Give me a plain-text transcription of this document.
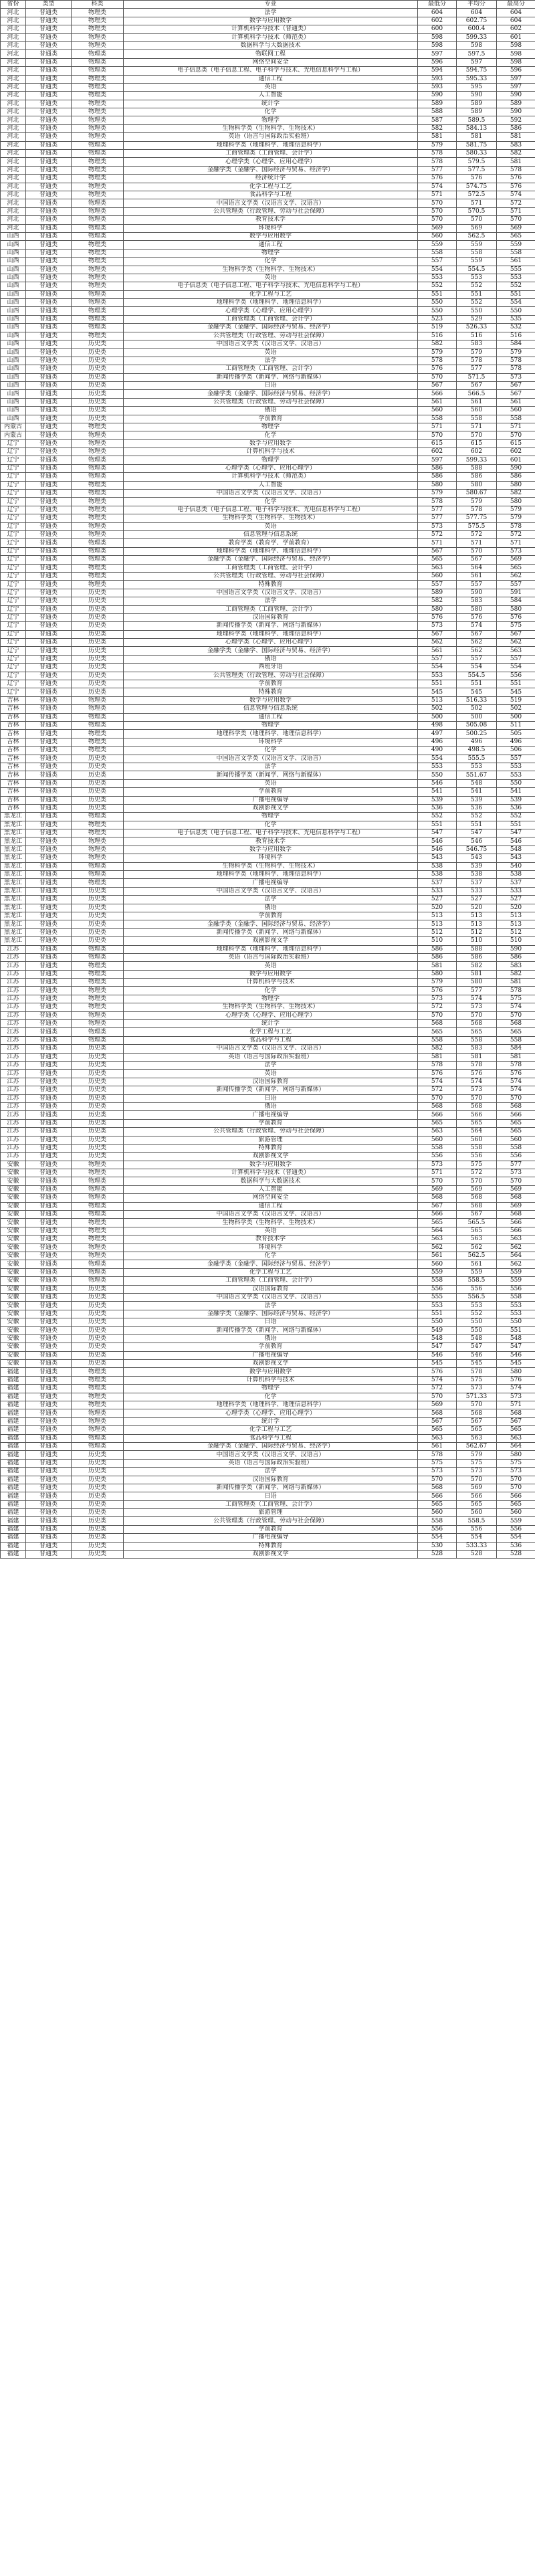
省份	类型	科类	专业	最低分	平均分	最高分
河北	普通类	物理类	法学	604	604	604
河北	普通类	物理类	数学与应用数学	602	602.75	604
河北	普通类	物理类	计算机科学与技术（普通类）	600	600.4	602
河北	普通类	物理类	计算机科学与技术（师范类）	598	599.33	601
河北	普通类	物理类	数据科学与大数据技术	598	598	598
河北	普通类	物理类	物联网工程	597	597.5	598
河北	普通类	物理类	网络空间安全	596	597	598
河北	普通类	物理类	电子信息类（电子信息工程、电子科学与技术、光电信息科学与工程）	594	594.75	596
河北	普通类	物理类	通信工程	593	595.33	597
河北	普通类	物理类	英语	593	595	597
河北	普通类	物理类	人工智能	590	590	590
河北	普通类	物理类	统计学	589	589	589
河北	普通类	物理类	化学	588	589	590
河北	普通类	物理类	物理学	587	589.5	592
河北	普通类	物理类	生物科学类（生物科学、生物技术）	582	584.13	586
河北	普通类	物理类	英语（语言与国际政治实验班）	581	581	581
河北	普通类	物理类	地理科学类（地理科学、地理信息科学）	579	581.75	583
河北	普通类	物理类	工商管理类（工商管理、会计学）	578	580.33	582
河北	普通类	物理类	心理学类（心理学、应用心理学）	578	579.5	581
河北	普通类	物理类	金融学类（金融学、国际经济与贸易、经济学）	577	577.5	578
河北	普通类	物理类	经济统计学	576	576	576
河北	普通类	物理类	化学工程与工艺	574	574.75	576
河北	普通类	物理类	食品科学与工程	571	572.5	574
河北	普通类	物理类	中国语言文学类（汉语言文学、汉语言）	570	571	572
河北	普通类	物理类	公共管理类（行政管理、劳动与社会保障）	570	570.5	571
河北	普通类	物理类	教育技术学	570	570	570
河北	普通类	物理类	环境科学	569	569	569
山西	普通类	物理类	数学与应用数学	560	562.5	565
山西	普通类	物理类	通信工程	559	559	559
山西	普通类	物理类	物理学	558	558	558
山西	普通类	物理类	化学	557	559	561
山西	普通类	物理类	生物科学类（生物科学、生物技术）	554	554.5	555
山西	普通类	物理类	英语	553	553	553
山西	普通类	物理类	电子信息类（电子信息工程、电子科学与技术、光电信息科学与工程）	552	552	552
山西	普通类	物理类	化学工程与工艺	551	551	551
山西	普通类	物理类	地理科学类（地理科学、地理信息科学）	550	552	554
山西	普通类	物理类	心理学类（心理学、应用心理学）	550	550	550
山西	普通类	物理类	工商管理类（工商管理、会计学）	523	529	535
山西	普通类	物理类	金融学类（金融学、国际经济与贸易、经济学）	519	526.33	532
山西	普通类	物理类	公共管理类（行政管理、劳动与社会保障）	516	516	516
山西	普通类	历史类	中国语言文学类（汉语言文学、汉语言）	582	583	584
山西	普通类	历史类	英语	579	579	579
山西	普通类	历史类	法学	578	578	578
山西	普通类	历史类	工商管理类（工商管理、会计学）	576	577	578
山西	普通类	历史类	新闻传播学类（新闻学、网络与新媒体）	570	571.5	573
山西	普通类	历史类	日语	567	567	567
山西	普通类	历史类	金融学类（金融学、国际经济与贸易、经济学）	566	566.5	567
山西	普通类	历史类	公共管理类（行政管理、劳动与社会保障）	561	561	561
山西	普通类	历史类	俄语	560	560	560
山西	普通类	历史类	学前教育	558	558	558
内蒙古	普通类	物理类	物理学	571	571	571
内蒙古	普通类	物理类	化学	570	570	570
辽宁	普通类	物理类	数学与应用数学	615	615	615
辽宁	普通类	物理类	计算机科学与技术	602	602	602
辽宁	普通类	物理类	物理学	597	599.33	601
辽宁	普通类	物理类	心理学类（心理学、应用心理学）	586	588	590
辽宁	普通类	物理类	计算机科学与技术（师范类）	586	586	586
辽宁	普通类	物理类	人工智能	580	580	580
辽宁	普通类	物理类	中国语言文学类（汉语言文学、汉语言）	579	580.67	582
辽宁	普通类	物理类	化学	578	579	580
辽宁	普通类	物理类	电子信息类（电子信息工程、电子科学与技术、光电信息科学与工程）	577	578	579
辽宁	普通类	物理类	生物科学类（生物科学、生物技术）	577	577.75	579
辽宁	普通类	物理类	英语	573	575.5	578
辽宁	普通类	物理类	信息管理与信息系统	572	572	572
辽宁	普通类	物理类	教育学类（教育学、学前教育）	571	571	571
辽宁	普通类	物理类	地理科学类（地理科学、地理信息科学）	567	570	573
辽宁	普通类	物理类	金融学类（金融学、国际经济与贸易、经济学）	565	567	569
辽宁	普通类	物理类	工商管理类（工商管理、会计学）	563	564	565
辽宁	普通类	物理类	公共管理类（行政管理、劳动与社会保障）	560	561	562
辽宁	普通类	物理类	特殊教育	557	557	557
辽宁	普通类	历史类	中国语言文学类（汉语言文学、汉语言）	589	590	591
辽宁	普通类	历史类	法学	582	583	584
辽宁	普通类	历史类	工商管理类（工商管理、会计学）	580	580	580
辽宁	普通类	历史类	汉语国际教育	576	576	576
辽宁	普通类	历史类	新闻传播学类（新闻学、网络与新媒体）	573	574	575
辽宁	普通类	历史类	地理科学类（地理科学、地理信息科学）	567	567	567
辽宁	普通类	历史类	心理学类（心理学、应用心理学）	562	562	562
辽宁	普通类	历史类	金融学类（金融学、国际经济与贸易、经济学）	561	562	563
辽宁	普通类	历史类	俄语	557	557	557
辽宁	普通类	历史类	西班牙语	554	554	554
辽宁	普通类	历史类	公共管理类（行政管理、劳动与社会保障）	553	554.5	556
辽宁	普通类	历史类	学前教育	551	551	551
辽宁	普通类	历史类	特殊教育	545	545	545
吉林	普通类	物理类	数学与应用数学	513	516.33	519
吉林	普通类	物理类	信息管理与信息系统	502	502	502
吉林	普通类	物理类	通信工程	500	500	500
吉林	普通类	物理类	物理学	498	505.08	511
吉林	普通类	物理类	地理科学类（地理科学、地理信息科学）	497	500.25	505
吉林	普通类	物理类	环境科学	496	496	496
吉林	普通类	物理类	化学	490	498.5	506
吉林	普通类	历史类	中国语言文学类（汉语言文学、汉语言）	554	555.5	557
吉林	普通类	历史类	法学	553	553	553
吉林	普通类	历史类	新闻传播学类（新闻学、网络与新媒体）	550	551.67	553
吉林	普通类	历史类	英语	546	548	550
吉林	普通类	历史类	学前教育	541	541	541
吉林	普通类	历史类	广播电视编导	539	539	539
吉林	普通类	历史类	戏剧影视文学	536	536	536
黑龙江	普通类	物理类	物理学	552	552	552
黑龙江	普通类	物理类	化学	551	551	551
黑龙江	普通类	物理类	电子信息类（电子信息工程、电子科学与技术、光电信息科学与工程）	547	547	547
黑龙江	普通类	物理类	教育技术学	546	546	546
黑龙江	普通类	物理类	数学与应用数学	546	546.75	548
黑龙江	普通类	物理类	环境科学	543	543	543
黑龙江	普通类	物理类	生物科学类（生物科学、生物技术）	538	539	540
黑龙江	普通类	物理类	地理科学类（地理科学、地理信息科学）	538	538	538
黑龙江	普通类	物理类	广播电视编导	537	537	537
黑龙江	普通类	历史类	中国语言文学类（汉语言文学、汉语言）	533	533	533
黑龙江	普通类	历史类	法学	527	527	527
黑龙江	普通类	历史类	俄语	520	520	520
黑龙江	普通类	历史类	学前教育	513	513	513
黑龙江	普通类	历史类	金融学类（金融学、国际经济与贸易、经济学）	513	513	513
黑龙江	普通类	历史类	新闻传播学类（新闻学、网络与新媒体）	512	512	512
黑龙江	普通类	历史类	戏剧影视文学	510	510	510
江苏	普通类	物理类	地理科学类（地理科学、地理信息科学）	586	588	590
江苏	普通类	物理类	英语（语言与国际政治实验班）	586	586	586
江苏	普通类	物理类	英语	581	582	583
江苏	普通类	物理类	数学与应用数学	580	581	582
江苏	普通类	物理类	计算机科学与技术	579	580	581
江苏	普通类	物理类	化学	576	577	578
江苏	普通类	物理类	物理学	573	574	575
江苏	普通类	物理类	生物科学类（生物科学、生物技术）	572	573	574
江苏	普通类	物理类	心理学类（心理学、应用心理学）	570	570	570
江苏	普通类	物理类	统计学	568	568	568
江苏	普通类	物理类	化学工程与工艺	565	565	565
江苏	普通类	物理类	食品科学与工程	558	558	558
江苏	普通类	历史类	中国语言文学类（汉语言文学、汉语言）	582	583	584
江苏	普通类	历史类	英语（语言与国际政治实验班）	581	581	581
江苏	普通类	历史类	法学	578	578	578
江苏	普通类	历史类	英语	576	576	576
江苏	普通类	历史类	汉语国际教育	574	574	574
江苏	普通类	历史类	新闻传播学类（新闻学、网络与新媒体）	572	573	574
江苏	普通类	历史类	日语	570	570	570
江苏	普通类	历史类	俄语	568	568	568
江苏	普通类	历史类	广播电视编导	566	566	566
江苏	普通类	历史类	学前教育	565	565	565
江苏	普通类	历史类	公共管理类（行政管理、劳动与社会保障）	563	564	565
江苏	普通类	历史类	旅游管理	560	560	560
江苏	普通类	历史类	特殊教育	558	558	558
江苏	普通类	历史类	戏剧影视文学	556	556	556
安徽	普通类	物理类	数学与应用数学	573	575	577
安徽	普通类	物理类	计算机科学与技术（普通类）	571	572	573
安徽	普通类	物理类	数据科学与大数据技术	570	570	570
安徽	普通类	物理类	人工智能	569	569	569
安徽	普通类	物理类	网络空间安全	568	568	568
安徽	普通类	物理类	通信工程	567	568	569
安徽	普通类	物理类	中国语言文学类（汉语言文学、汉语言）	566	567	568
安徽	普通类	物理类	生物科学类（生物科学、生物技术）	565	565.5	566
安徽	普通类	物理类	英语	564	565	566
安徽	普通类	物理类	教育技术学	563	563	563
安徽	普通类	物理类	环境科学	562	562	562
安徽	普通类	物理类	化学	561	562.5	564
安徽	普通类	物理类	金融学类（金融学、国际经济与贸易、经济学）	560	561	562
安徽	普通类	物理类	化学工程与工艺	559	559	559
安徽	普通类	物理类	工商管理类（工商管理、会计学）	558	558.5	559
安徽	普通类	历史类	汉语国际教育	556	556	556
安徽	普通类	历史类	中国语言文学类（汉语言文学、汉语言）	555	556.5	558
安徽	普通类	历史类	法学	553	553	553
安徽	普通类	历史类	金融学类（金融学、国际经济与贸易、经济学）	551	552	553
安徽	普通类	历史类	日语	550	550	550
安徽	普通类	历史类	新闻传播学类（新闻学、网络与新媒体）	549	550	551
安徽	普通类	历史类	俄语	548	548	548
安徽	普通类	历史类	学前教育	547	547	547
安徽	普通类	历史类	广播电视编导	546	546	546
安徽	普通类	历史类	戏剧影视文学	545	545	545
福建	普通类	物理类	数学与应用数学	576	578	580
福建	普通类	物理类	计算机科学与技术	574	575	576
福建	普通类	物理类	物理学	572	573	574
福建	普通类	物理类	化学	570	571.33	573
福建	普通类	物理类	地理科学类（地理科学、地理信息科学）	569	570	571
福建	普通类	物理类	心理学类（心理学、应用心理学）	568	568	568
福建	普通类	物理类	统计学	567	567	567
福建	普通类	物理类	化学工程与工艺	565	565	565
福建	普通类	物理类	食品科学与工程	563	563	563
福建	普通类	物理类	金融学类（金融学、国际经济与贸易、经济学）	561	562.67	564
福建	普通类	历史类	中国语言文学类（汉语言文学、汉语言）	578	579	580
福建	普通类	历史类	英语（语言与国际政治实验班）	575	575	575
福建	普通类	历史类	法学	573	573	573
福建	普通类	历史类	汉语国际教育	570	570	570
福建	普通类	历史类	新闻传播学类（新闻学、网络与新媒体）	568	569	570
福建	普通类	历史类	日语	566	566	566
福建	普通类	历史类	工商管理类（工商管理、会计学）	565	565	565
福建	普通类	历史类	旅游管理	560	560	560
福建	普通类	历史类	公共管理类（行政管理、劳动与社会保障）	558	558.5	559
福建	普通类	历史类	学前教育	556	556	556
福建	普通类	历史类	广播电视编导	554	554	554
福建	普通类	历史类	特殊教育	530	533.33	536
福建	普通类	历史类	戏剧影视文学	528	528	528
